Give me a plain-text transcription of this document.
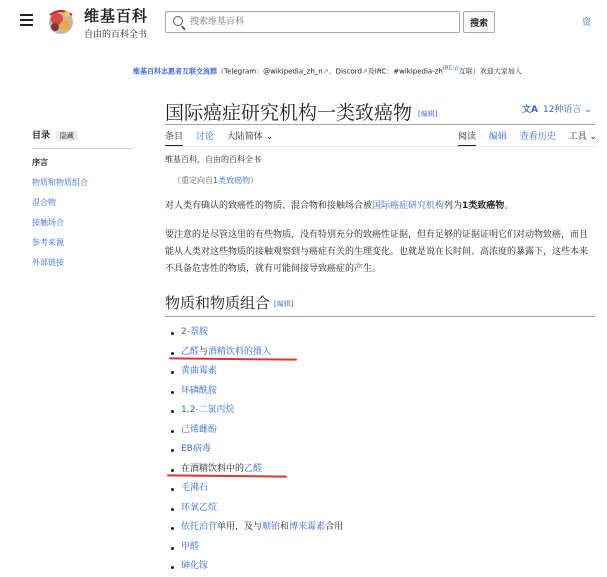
维基百科
自由的百科全书
搜索维基百科
搜索	资
维基百科志愿者互联交流群（Telegram：@wikipedia_zh_n↗、Discord↗及IRC：$\#wikipedia-zh^{IRC://}$互联）欢迎大家加入
国际癌症研究机构一类致癌物 [编辑]	文A 12种语言 ⌄
条目 讨论 大陆简体 ⌄	阅读 编辑 查看历史 工具 ⌄
目录 隐藏
序言
物质和物质组合
混合物
接触场合
参考来源
外部链接
维基百科，自由的百科全书
（重定向自1类致癌物）
对人类有确认的致癌性的物质、混合物和接触场合被国际癌症研究机构列为1类致癌物。
要注意的是尽管这里的有些物质，没有特别充分的致癌性证据，但有足够的证据证明它们对动物致癌，而且能从人类对这些物质的接触观察到与癌症有关的生理变化。也就是说在长时间、高浓度的暴露下，这些本来不具备危害性的物质，就有可能间接导致癌症的产生。
物质和物质组合 [编辑]
2-萘胺
乙醛与酒精饮料的摄入
黄曲霉素
环磷酰胺
1,2-二氯丙烷
己烯雌酚
EB病毒
在酒精饮料中的乙醛
毛沸石
环氧乙烷
依托泊苷单用，及与顺铂和博来霉素合用
甲醛
砷化镓
